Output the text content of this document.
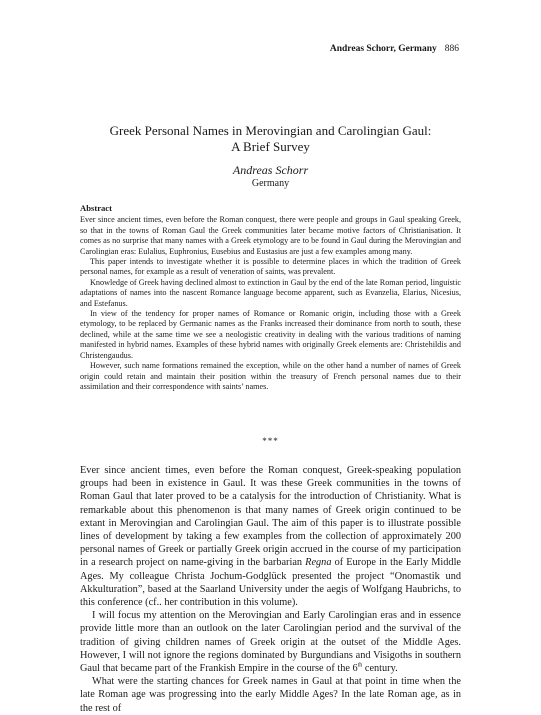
Andreas Schorr, Germany 886
Greek Personal Names in Merovingian and Carolingian Gaul:
A Brief Survey
Andreas Schorr
Germany
Abstract

Ever since ancient times, even before the Roman conquest, there were people and groups in Gaul speaking Greek, so that in the towns of Roman Gaul the Greek communities later became motive factors of Christianisation. It comes as no surprise that many names with a Greek etymology are to be found in Gaul during the Merovingian and Carolingian eras: Eulalius, Euphronius, Eusebius and Eustasius are just a few examples among many.

This paper intends to investigate whether it is possible to determine places in which the tradition of Greek personal names, for example as a result of veneration of saints, was prevalent.

Knowledge of Greek having declined almost to extinction in Gaul by the end of the late Roman period, linguistic adaptations of names into the nascent Romance language become apparent, such as Evanzelia, Elarius, Nicesius, and Estefanus.

In view of the tendency for proper names of Romance or Romanic origin, including those with a Greek etymology, to be replaced by Germanic names as the Franks increased their dominance from north to south, these declined, while at the same time we see a neologistic creativity in dealing with the various traditions of naming manifested in hybrid names. Examples of these hybrid names with originally Greek elements are: Christehildis and Christengaudus.

However, such name formations remained the exception, while on the other hand a number of names of Greek origin could retain and maintain their position within the treasury of French personal names due to their assimilation and their correspondence with saints’ names.

***

Ever since ancient times, even before the Roman conquest, Greek-speaking population groups had been in existence in Gaul. It was these Greek communities in the towns of Roman Gaul that later proved to be a catalysis for the introduction of Christianity. What is remarkable about this phenomenon is that many names of Greek origin continued to be extant in Merovingian and Carolingian Gaul. The aim of this paper is to illustrate possible lines of development by taking a few examples from the collection of approximately 200 personal names of Greek or partially Greek origin accrued in the course of my participation in a research project on name-giving in the barbarian Regna of Europe in the Early Middle Ages. My colleague Christa Jochum-Godglück presented the project “Onomastik und Akkulturation”, based at the Saarland University under the aegis of Wolfgang Haubrichs, to this conference (cf.. her contribution in this volume).

I will focus my attention on the Merovingian and Early Carolingian eras and in essence provide little more than an outlook on the later Carolingian period and the survival of the tradition of giving children names of Greek origin at the outset of the Middle Ages. However, I will not ignore the regions dominated by Burgundians and Visigoths in southern Gaul that became part of the Frankish Empire in the course of the 6th century.

What were the starting chances for Greek names in Gaul at that point in time when the late Roman age was progressing into the early Middle Ages? In the late Roman age, as in the rest of
